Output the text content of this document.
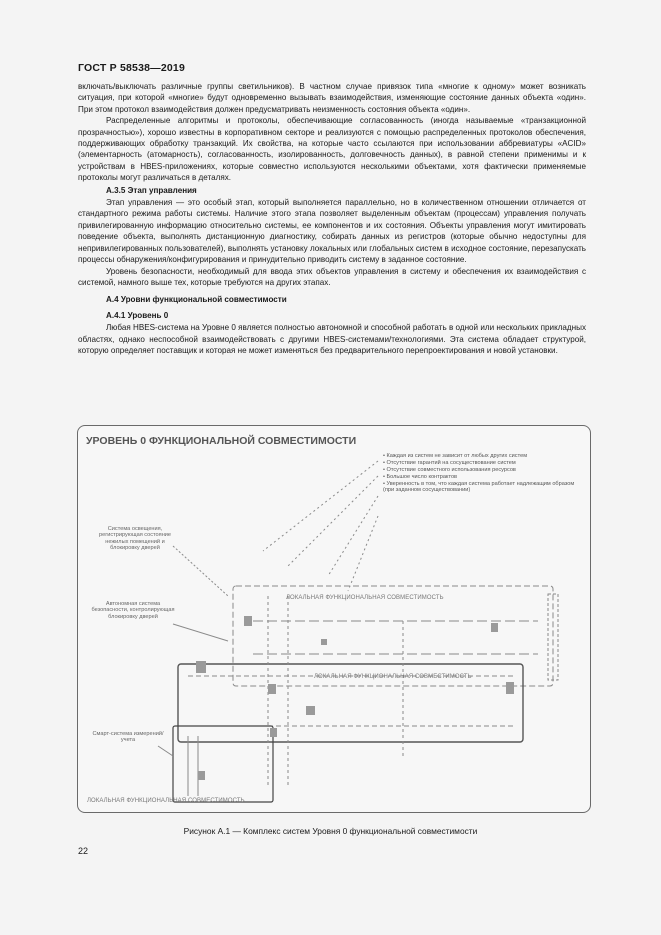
ГОСТ Р 58538—2019

включать/выключать различные группы светильников). В частном случае привязок типа «многие к одному» может возникать ситуация, при которой «многие» будут одновременно вызывать взаимодействия, изменяющие состояние данных объекта «один». При этом протокол взаимодействия должен предусматривать неизменность состояния объекта «один».

Распределенные алгоритмы и протоколы, обеспечивающие согласованность (иногда называемые «транзакционной прозрачностью»), хорошо известны в корпоративном секторе и реализуются с помощью распределенных протоколов обеспечения, поддерживающих обработку транзакций. Их свойства, на которые часто ссылаются при использовании аббревиатуры «ACID» (элементарность (атомарность), согласованность, изолированность, долговечность данных), в равной степени применимы и к устройствам в HBES-приложениях, которые совместно используются несколькими объектами, хотя фактически применяемые протоколы могут различаться в деталях.

А.3.5 Этап управления

Этап управления — это особый этап, который выполняется параллельно, но в количественном отношении отличается от стандартного режима работы системы. Наличие этого этапа позволяет выделенным объектам (процессам) управления получать привилегированную информацию относительно системы, ее компонентов и их состояния. Объекты управления могут имитировать поведение объекта, выполнять дистанционную диагностику, собирать данных из регистров (которые обычно недоступны для непривилегированных пользователей), выполнять установку локальных или глобальных систем в исходное состояние, перезапускать процессы обнаружения/конфигурирования и принудительно приводить систему в заданное состояние.

Уровень безопасности, необходимый для ввода этих объектов управления в систему и обеспечения их взаимодействия с системой, намного выше тех, которые требуются на других этапах.

А.4 Уровни функциональной совместимости
А.4.1 Уровень 0

Любая HBES-система на Уровне 0 является полностью автономной и способной работать в одной или нескольких прикладных областях, однако неспособной взаимодействовать с другими HBES-системами/технологиями. Эта система обладает структурой, которую определяет поставщик и которая не может изменяться без предварительного перепроектирования и новой установки.

УРОВЕНЬ 0 ФУНКЦИОНАЛЬНОЙ СОВМЕСТИМОСТИ
• Каждая из систем не зависит от любых других систем
• Отсутствие гарантий на сосуществование систем
• Отсутствие совместного использования ресурсов
• Большое число контрактов
• Уверенность в том, что каждая система работает надлежащим образом (при заданном сосуществовании)
Система освещения, регистрирующая состояние нежилых помещений и блокировку дверей
Автономная система безопасности, контролирующая блокировку дверей
Смарт-система измерений/учета
ЛОКАЛЬНАЯ ФУНКЦИОНАЛЬНАЯ СОВМЕСТИМОСТЬ
ЛОКАЛЬНАЯ ФУНКЦИОНАЛЬНАЯ СОВМЕСТИМОСТЬ
ЛОКАЛЬНАЯ ФУНКЦИОНАЛЬНАЯ СОВМЕСТИМОСТЬ
Рисунок А.1 — Комплекс систем Уровня 0 функциональной совместимости
22
